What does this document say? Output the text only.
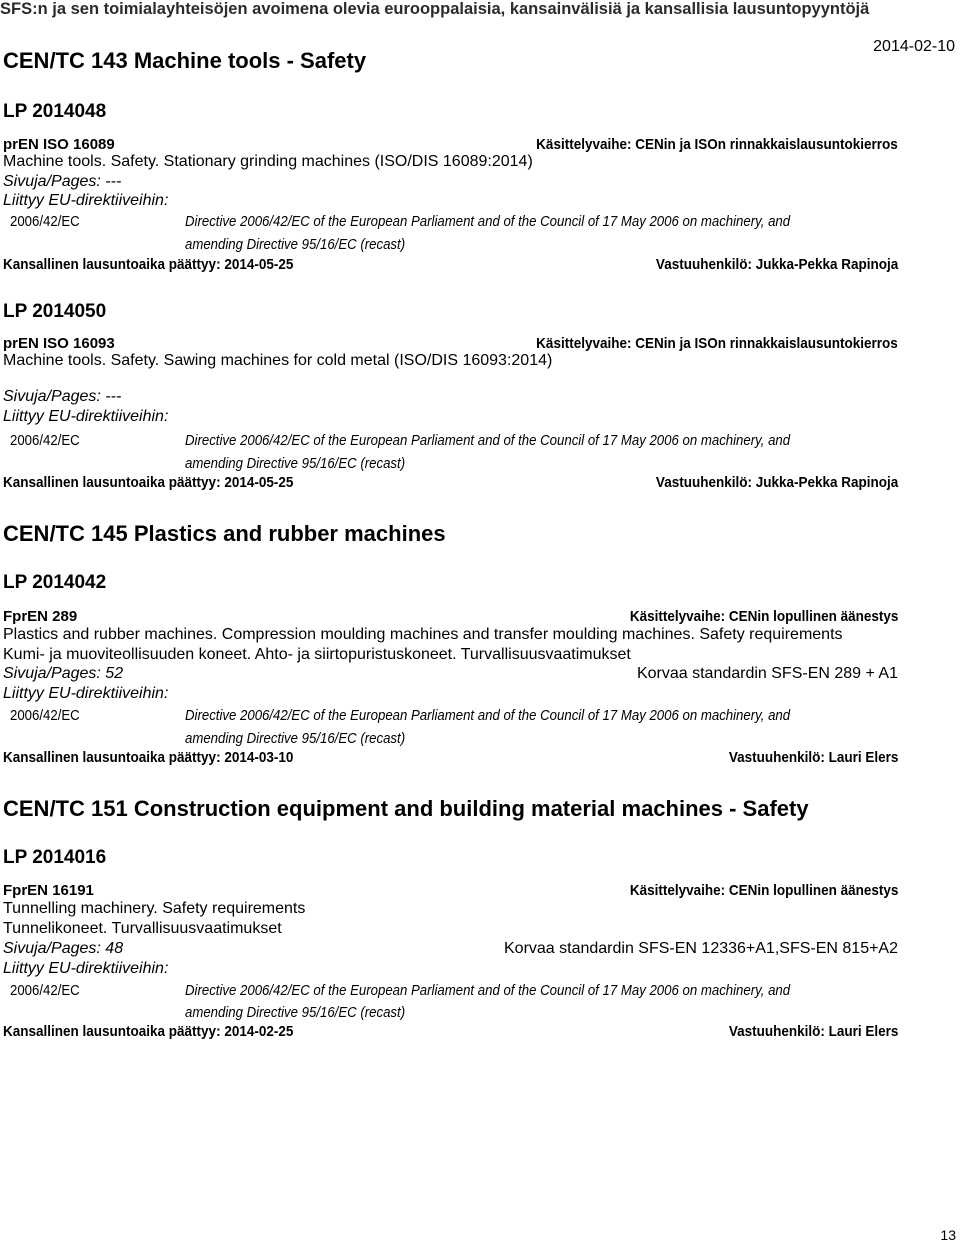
SFS:n ja sen toimialayhteisöjen avoimena olevia eurooppalaisia, kansainvälisiä ja kansallisia lausuntopyyntöjä
CEN/TC 143 Machine tools - Safety
2014-02-10
LP 2014048
prEN ISO 16089	Käsittelyvaihe: CENin ja ISOn rinnakkaislausuntokierros
Machine tools. Safety. Stationary grinding machines (ISO/DIS 16089:2014)
Sivuja/Pages: ---
Liittyy EU-direktiiveihin:
2006/42/EC	Directive 2006/42/EC of the European Parliament and of the Council of 17 May 2006 on machinery, and
amending Directive 95/16/EC (recast)
Kansallinen lausuntoaika päättyy: 2014-05-25	Vastuuhenkilö: Jukka-Pekka Rapinoja
LP 2014050
prEN ISO 16093	Käsittelyvaihe: CENin ja ISOn rinnakkaislausuntokierros
Machine tools. Safety. Sawing machines for cold metal (ISO/DIS 16093:2014)
Sivuja/Pages: ---
Liittyy EU-direktiiveihin:
2006/42/EC	Directive 2006/42/EC of the European Parliament and of the Council of 17 May 2006 on machinery, and
amending Directive 95/16/EC (recast)
Kansallinen lausuntoaika päättyy: 2014-05-25	Vastuuhenkilö: Jukka-Pekka Rapinoja
CEN/TC 145 Plastics and rubber machines
LP 2014042
FprEN 289	Käsittelyvaihe: CENin lopullinen äänestys
Plastics and rubber machines. Compression moulding machines and transfer moulding machines. Safety requirements
Kumi- ja muoviteollisuuden koneet. Ahto- ja siirtopuristuskoneet. Turvallisuusvaatimukset
Sivuja/Pages: 52	Korvaa standardin SFS-EN 289 + A1
Liittyy EU-direktiiveihin:
2006/42/EC	Directive 2006/42/EC of the European Parliament and of the Council of 17 May 2006 on machinery, and
amending Directive 95/16/EC (recast)
Kansallinen lausuntoaika päättyy: 2014-03-10	Vastuuhenkilö: Lauri Elers
CEN/TC 151 Construction equipment and building material machines - Safety
LP 2014016
FprEN 16191	Käsittelyvaihe: CENin lopullinen äänestys
Tunnelling machinery. Safety requirements
Tunnelikoneet. Turvallisuusvaatimukset
Sivuja/Pages: 48	Korvaa standardin SFS-EN 12336+A1,SFS-EN 815+A2
Liittyy EU-direktiiveihin:
2006/42/EC	Directive 2006/42/EC of the European Parliament and of the Council of 17 May 2006 on machinery, and
amending Directive 95/16/EC (recast)
Kansallinen lausuntoaika päättyy: 2014-02-25	Vastuuhenkilö: Lauri Elers
13
